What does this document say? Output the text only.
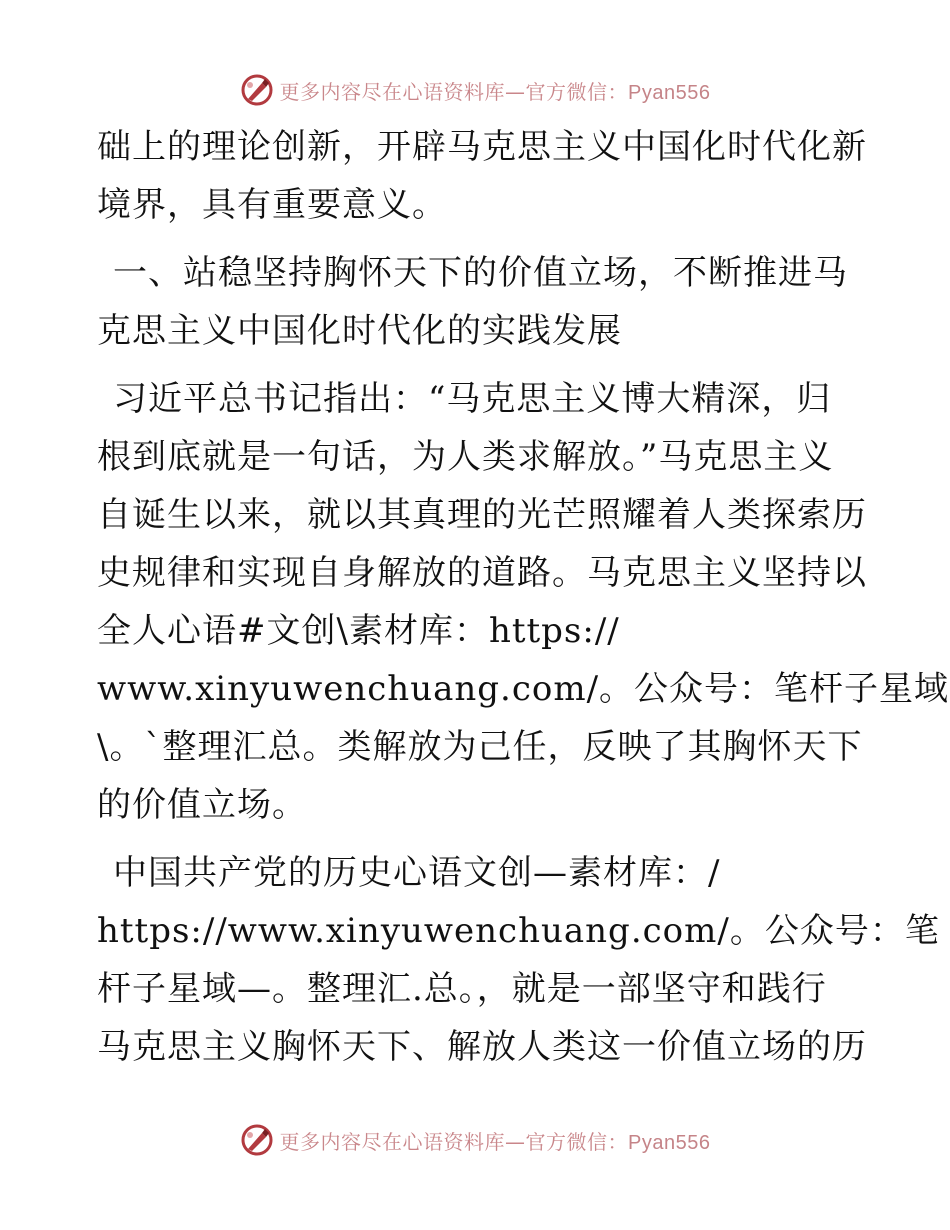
更多内容尽在心语资料库—官方微信：Pyan556
础上的理论创新，开辟马克思主义中国化时代化新
境界，具有重要意义。
一、站稳坚持胸怀天下的价值立场，不断推进马
克思主义中国化时代化的实践发展
习近平总书记指出：“马克思主义博大精深，归
根到底就是一句话，为人类求解放。”马克思主义
自诞生以来，就以其真理的光芒照耀着人类探索历
史规律和实现自身解放的道路。马克思主义坚持以
全人心语#文创\素材库：https://
www.xinyuwenchuang.com/。公众号：笔杆子星域
\。`整理汇总。类解放为己任，反映了其胸怀天下
的价值立场。
中国共产党的历史心语文创—素材库：/
https://www.xinyuwenchuang.com/。公众号：笔
杆子星域—。整理汇.总。，就是一部坚守和践行
马克思主义胸怀天下、解放人类这一价值立场的历
更多内容尽在心语资料库—官方微信：Pyan556
